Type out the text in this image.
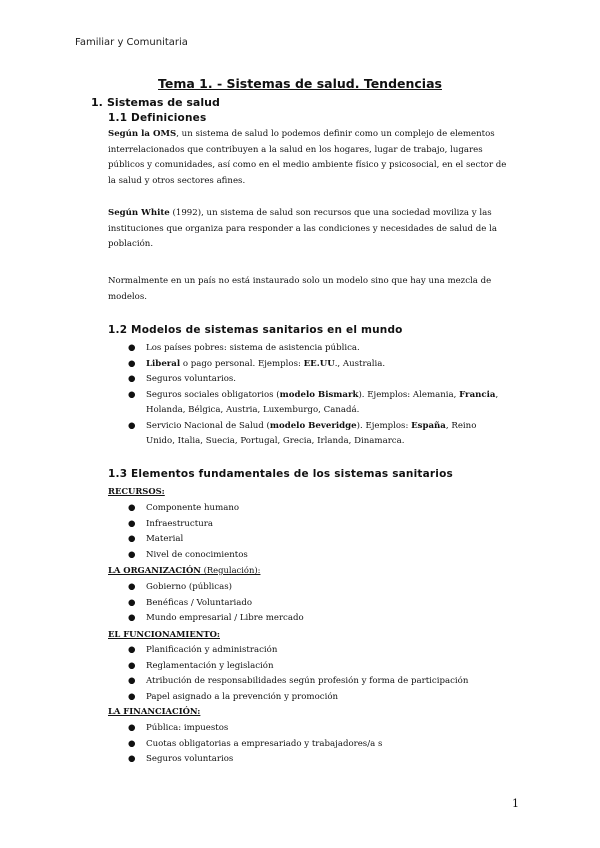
Familiar y Comunitaria
Tema 1. - Sistemas de salud. Tendencias
1. Sistemas de salud
1.1 Definiciones
Según la OMS, un sistema de salud lo podemos definir como un complejo de elementos interrelacionados que contribuyen a la salud en los hogares, lugar de trabajo, lugares públicos y comunidades, así como en el medio ambiente físico y psicosocial, en el sector de la salud y otros sectores afines.
Según White (1992), un sistema de salud son recursos que una sociedad moviliza y las instituciones que organiza para responder a las condiciones y necesidades de salud de la población.
Normalmente en un país no está instaurado solo un modelo sino que hay una mezcla de modelos.
1.2 Modelos de sistemas sanitarios en el mundo
● Los países pobres: sistema de asistencia pública.
● Liberal o pago personal. Ejemplos: EE.UU., Australia.
● Seguros voluntarios.
● Seguros sociales obligatorios (modelo Bismark). Ejemplos: Alemania, Francia, Holanda, Bélgica, Austria, Luxemburgo, Canadá.
● Servicio Nacional de Salud (modelo Beveridge). Ejemplos: España, Reino Unido, Italia, Suecia, Portugal, Grecia, Irlanda, Dinamarca.
1.3 Elementos fundamentales de los sistemas sanitarios
RECURSOS:
● Componente humano
● Infraestructura
● Material
● Nivel de conocimientos
LA ORGANIZACIÓN (Regulación):
● Gobierno (públicas)
● Benéficas / Voluntariado
● Mundo empresarial / Libre mercado
EL FUNCIONAMIENTO:
● Planificación y administración
● Reglamentación y legislación
● Atribución de responsabilidades según profesión y forma de participación
● Papel asignado a la prevención y promoción
LA FINANCIACIÓN:
● Pública: impuestos
● Cuotas obligatorias a empresariado y trabajadores/a s
● Seguros voluntarios
1
